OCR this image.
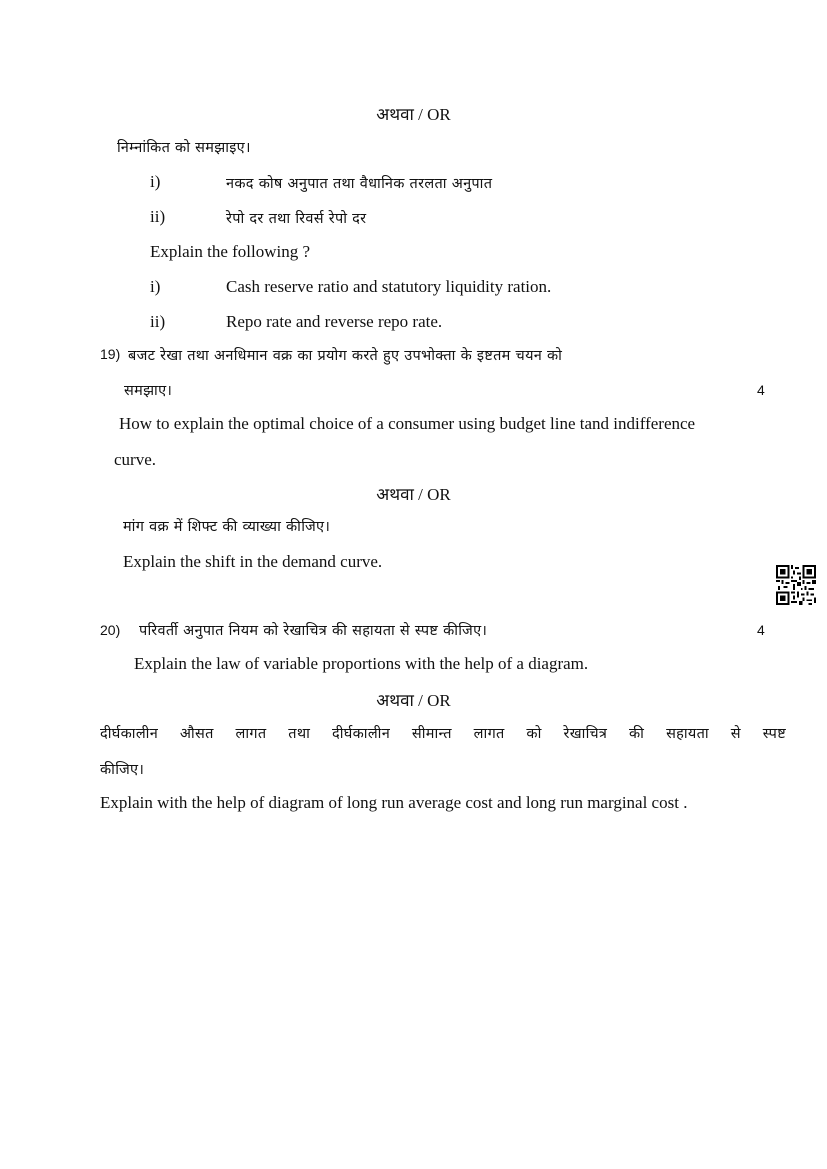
अथवा / OR
निम्नांकित को समझाइए।
i)	नकद कोष अनुपात तथा वैधानिक तरलता अनुपात
ii)	रेपो दर तथा रिवर्स रेपो दर
Explain the following ?
i)	Cash reserve ratio and statutory liquidity ration.
ii)	Repo rate and reverse repo rate.
19) बजट रेखा तथा अनधिमान वक्र का प्रयोग करते हुए उपभोक्ता के इष्टतम चयन को
समझाए।	4
How to explain the optimal choice of a consumer using budget line tand indifference
curve.
अथवा / OR
मांग वक्र में शिफ्ट की व्याख्या कीजिए।
Explain the shift in the demand curve.
20) परिवर्ती अनुपात नियम को रेखाचित्र की सहायता से स्पष्ट कीजिए।	4
Explain the law of variable proportions with the help of a diagram.
अथवा / OR
दीर्घकालीन औसत लागत तथा दीर्घकालीन सीमान्त लागत को रेखाचित्र की सहायता से स्पष्ट
कीजिए।
Explain with the help of diagram of long run average cost and long run marginal cost .
